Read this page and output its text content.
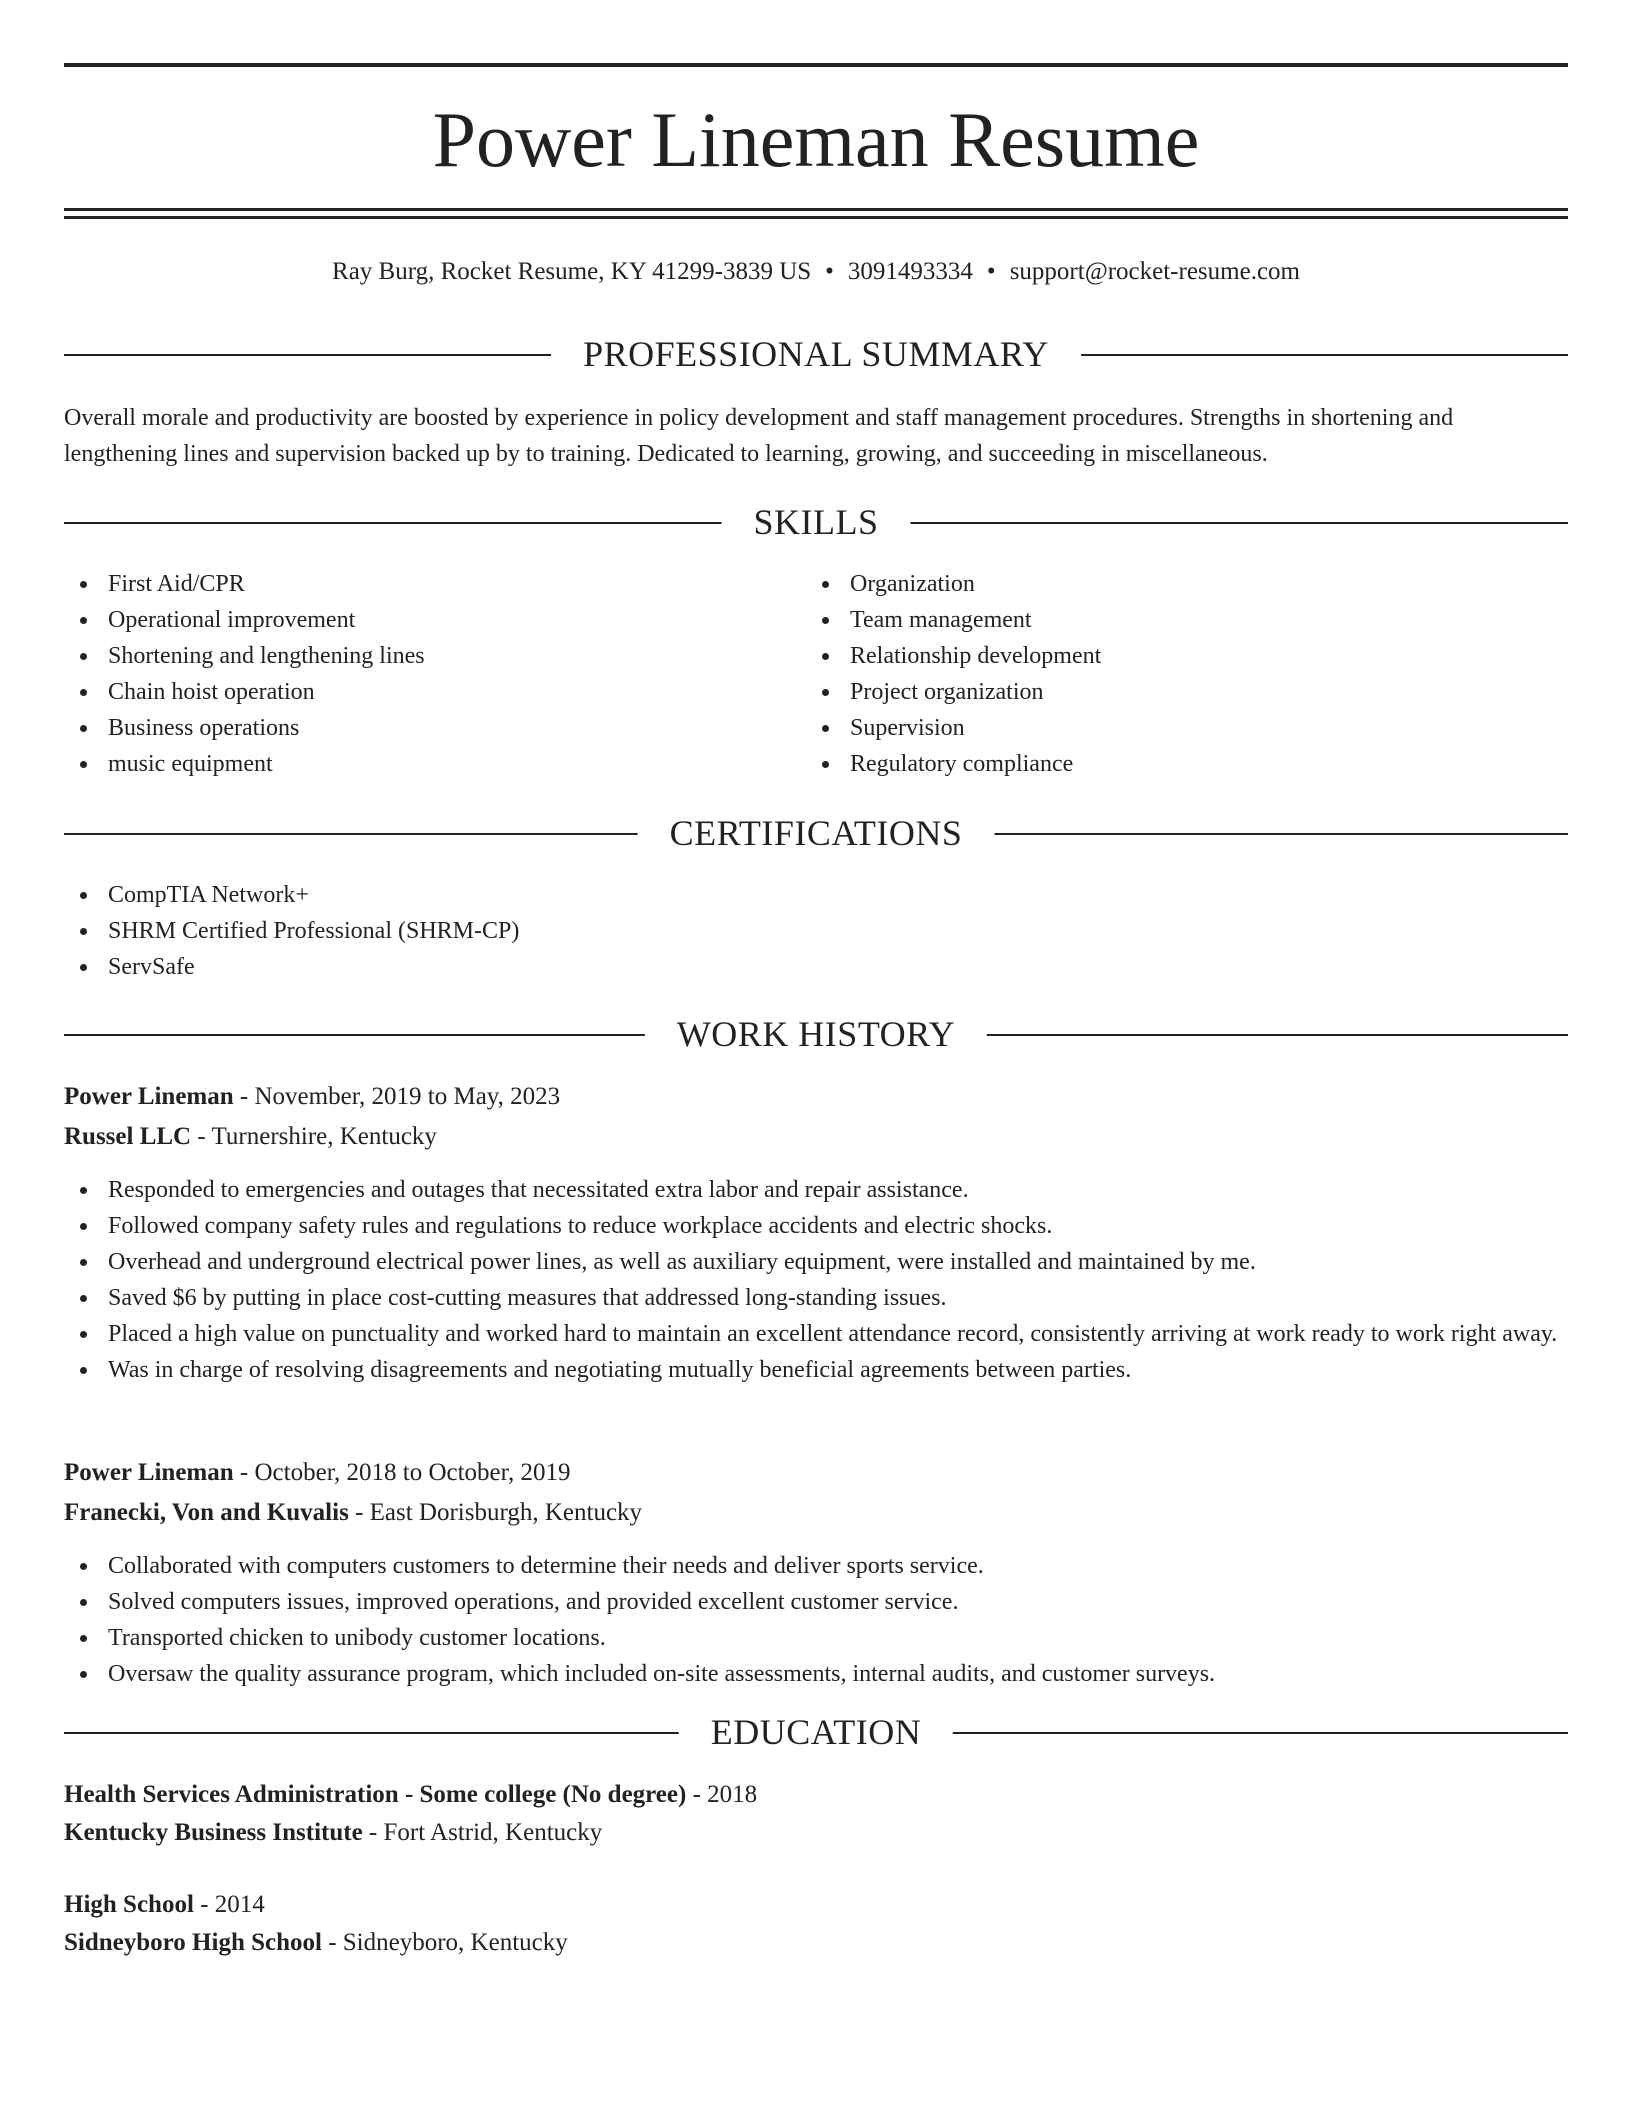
Power Lineman Resume
Ray Burg, Rocket Resume, KY 41299-3839 US • 3091493334 • support@rocket-resume.com
PROFESSIONAL SUMMARY

Overall morale and productivity are boosted by experience in policy development and staff management procedures. Strengths in shortening and lengthening lines and supervision backed up by to training. Dedicated to learning, growing, and succeeding in miscellaneous.

SKILLS
First Aid/CPR
Operational improvement
Shortening and lengthening lines
Chain hoist operation
Business operations
music equipment
Organization
Team management
Relationship development
Project organization
Supervision
Regulatory compliance
CERTIFICATIONS
CompTIA Network+
SHRM Certified Professional (SHRM-CP)
ServSafe
WORK HISTORY
Power Lineman - November, 2019 to May, 2023
Russel LLC - Turnershire, Kentucky
Responded to emergencies and outages that necessitated extra labor and repair assistance.
Followed company safety rules and regulations to reduce workplace accidents and electric shocks.
Overhead and underground electrical power lines, as well as auxiliary equipment, were installed and maintained by me.
Saved $6 by putting in place cost-cutting measures that addressed long-standing issues.
Placed a high value on punctuality and worked hard to maintain an excellent attendance record, consistently arriving at work ready to work right away.
Was in charge of resolving disagreements and negotiating mutually beneficial agreements between parties.
Power Lineman - October, 2018 to October, 2019
Franecki, Von and Kuvalis - East Dorisburgh, Kentucky
Collaborated with computers customers to determine their needs and deliver sports service.
Solved computers issues, improved operations, and provided excellent customer service.
Transported chicken to unibody customer locations.
Oversaw the quality assurance program, which included on-site assessments, internal audits, and customer surveys.
EDUCATION
Health Services Administration - Some college (No degree) - 2018
Kentucky Business Institute - Fort Astrid, Kentucky
High School - 2014
Sidneyboro High School - Sidneyboro, Kentucky
